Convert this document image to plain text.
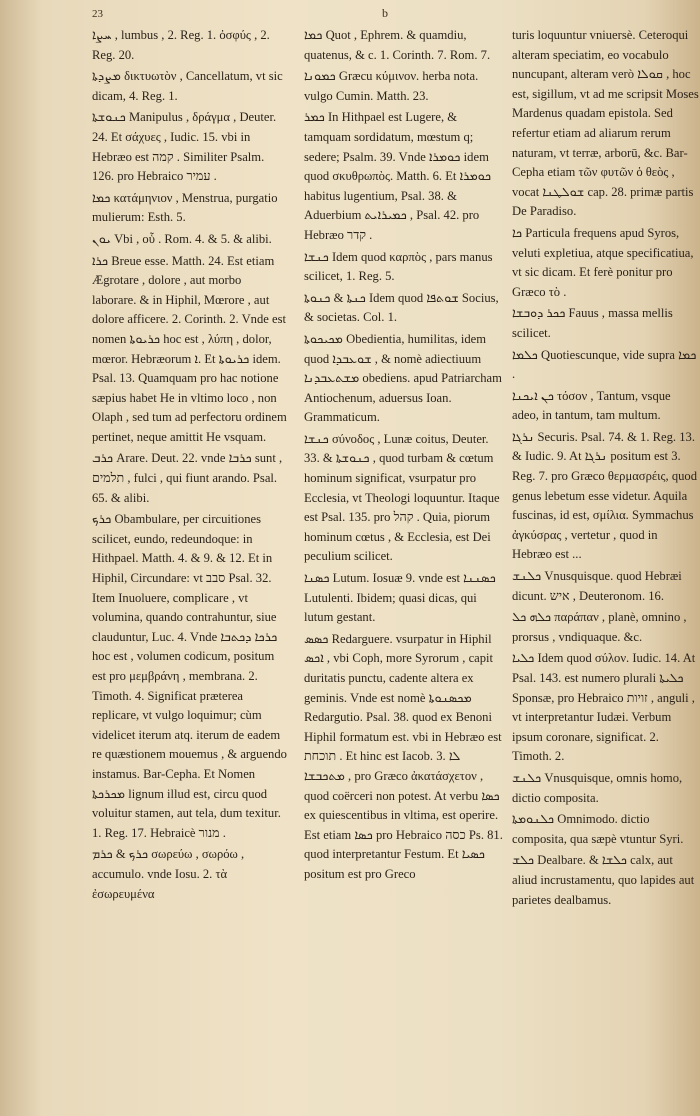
23	b

ܚܨܐ , lumbus , 2. Reg. 1. ὀσφύς , 2. Reg. 20.

ܡܨܕܬܐ δικτυωτὸν , Cancellatum, vt sic dicam, 4. Reg. 1.

ܟܢܘܫܬܐ Manipulus , δράγμα , Deuter. 24. Et σάχυες , Iudic. 15. vbi in Hebræo est קמה . Similiter Psalm. 126. pro Hebraico עמיר .

ܟܡܐ κατάμηνιον , Menstrua, purgatio mulierum: Esth. 5.

ܝܘܢ Vbi , οὗ . Rom. 4. & 5. & alibi.

ܟܪܐ Breue esse. Matth. 24. Est etiam Ægrotare , dolore , aut morbo laborare. & in Hiphil, Mœrore , aut dolore afficere. 2. Corinth. 2. Vnde est nomen ܟܪܝܘܬܐ hoc est , λύπη , dolor, mœror. Hebræorum ܐ. Et ܟܪܝܘܬܐ idem. Psal. 13. Quamquam pro hac notione sæpius habet He in vltimo loco , non Olaph , sed tum ad perfectoru ordinem pertinet, neque amittit He vsquam.

ܟܪܒ Arare. Deut. 22. vnde ܟܪܒܐ sunt , תלמים , fulci , qui fiunt arando. Psal. 65. & alibi.

ܟܪܟ Obambulare, per circuitiones scilicet, eundo, redeundoque: in Hithpael. Matth. 4. & 9. & 12. Et in Hiphil, Circundare: vt סבב Psal. 32. Item Inuoluere, complicare , vt volumina, quando contrahuntur, siue clauduntur, Luc. 4. Vnde ܟܪܟܐ ܕܟܬܒܐ hoc est , volumen codicum, positum est pro μεμβράνη , membrana. 2. Timoth. 4. Significat præterea replicare, vt vulgo loquimur; cùm videlicet iterum atq. iterum de eadem re quæstionem mouemus , & arguendo instamus. Bar-Cepha. Et Nomen ܡܟܪܟܬܐ lignum illud est, circu quod voluitur stamen, aut tela, dum texitur. 1. Reg. 17. Hebraicè מנור .

ܟܪܟ & ܟܪܡ σωρεύω , σωρόω , accumulo. vnde Iosu. 2. τὰ ἐσωρευμένα

ܟܡܐ Quot , Ephrem. & quamdiu, quatenus, & c. 1. Corinth. 7. Rom. 7.

ܟܡܘܢܐ Græcu κύμινον. herba nota. vulgo Cumin. Matth. 23.

ܟܡܪ In Hithpael est Lugere, & tamquam sordidatum, mœstum q; sedere; Psalm. 39. Vnde ܟܘܡܪܐ idem quod σκυθρωπὸς. Matth. 6. Et ܟܘܡܪܐ habitus lugentium, Psal. 38. & Aduerbium ܟܡܝܪܐܝܬ , Psal. 42. pro Hebræo קדר .

ܟܢܫܐ Idem quod καρπὸς , pars manus scilicet, 1. Reg. 5.

ܟܢܬܐ & ܟܢܘܬܐ Idem quod ܫܘܬܦܐ Socius, & societas. Col. 1.

ܡܟܝܟܘܬܐ Obedientia, humilitas, idem quod ܫܘܥܒܕܐ , & nomè adiectiuum ܡܫܬܥܒܕܢܐ obediens. apud Patriarcham Antiochenum, aduersus Ioan. Grammaticum.

ܟܢܫܐ σύνοδος , Lunæ coitus, Deuter. 33. & ܟܢܘܫܬܐ , quod turbam & cœtum hominum significat, vsurpatur pro Ecclesia, vt Theologi loquuntur. Itaque est Psal. 135. pro קהל . Quia, piorum hominum cœtus , & Ecclesia, est Dei peculium scilicet.

ܟܣܢܐ Lutum. Iosuæ 9. vnde est ܟܣܢܢܐ Lutulenti. Ibidem; quasi dicas, qui lutum gestant.

ܟܣܣ Redarguere. vsurpatur in Hiphil ܐܟܣ , vbi Coph, more Syrorum , capit duritatis punctu, cadente altera ex geminis. Vnde est nomè ܡܟܣܢܘܬܐ Redargutio. Psal. 38. quod ex Benoni Hiphil formatum est. vbi in Hebræo est תוכחת . Et hinc est Iacob. 3. ܠܐ ܡܬܟܒܫܐ , pro Græco ἀκατάσχετον , quod coërceri non potest. At verbu ܟܣܐ ex quiescentibus in vltima, est operire. Est etiam ܟܣܐ pro Hebraico כסה Ps. 81. quod interpretantur Festum. Et ܟܣܝܐ positum est pro Greco

turis loquuntur vniuersè. Ceteroqui alteram speciatim, eo vocabulo nuncupant, alteram verò ܩܘܠܐ , hoc est, sigillum, vt ad me scripsit Moses Mardenus quadam epistola. Sed refertur etiam ad aliarum rerum naturam, vt terræ, arborū, &c. Bar-Cepha etiam τῶν φυτῶν ὁ θεὸς , vocat ܫܘܠܛܢܐ cap. 28. primæ partis De Paradiso.

ܟܐ Particula frequens apud Syros, veluti expletiua, atque specificatiua, vt sic dicam. Et ferè ponitur pro Græco τὸ .

ܟܟܪ ܕܘܒܫܐ Fauus , massa mellis scilicet.

ܟܠܡܐ Quotiescunque, vide supra ܟܡܐ .

ܟܢ ܐܝܟܢܐ τόσον , Tantum, vsque adeo, in tantum, tam multum.

ܢܪܓܐ Securis. Psal. 74. & 1. Reg. 13. & Iudic. 9. At ܢܪܓܐ positum est 3. Reg. 7. pro Græco θερμασρέις, quod genus lebetum esse videtur. Aquila fuscinas, id est, σμίλια. Symmachus ἀγκύσρας , vertetur , quod in Hebræo est ...

ܟܠܢܫ Vnusquisque. quod Hebræi dicunt. איש , Deuteronom. 16.

ܟܠܗ ܟܠ παράπαν , planè, omnino , prorsus , vndiquaque. &c.

ܟܠܝܐ Idem quod σύλον. Iudic. 14. At Psal. 143. est numero plurali ܟܠܝܬܐ Sponsæ, pro Hebraico זויות , anguli , vt interpretantur Iudæi. Verbum ipsum coronare, significat. 2. Timoth. 2.

ܟܠܢܫ Vnusquisque, omnis homo, dictio composita.

ܟܠܢܘܡܬܐ Omnimodo. dictio composita, qua sæpè vtuntur Syri.

ܟܠܫ Dealbare. & ܟܠܫܐ calx, aut aliud incrustamentu, quo lapides aut parietes dealbamus.
